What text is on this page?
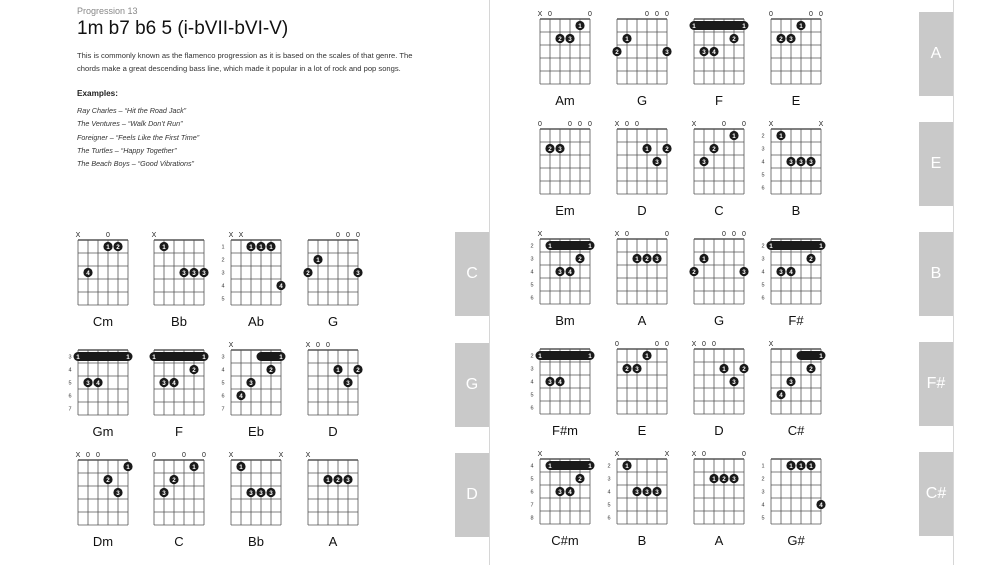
Progression 13
1m b7 b6 5 (i-bVII-bVI-V)

This is commonly known as the flamenco progression as it is based on the scales of that genre. The chords make a great descending bass line, which made it popular in a lot of rock and pop songs.

Examples:
Ray Charles – “Hit the Road Jack”
The Ventures – “Walk Don’t Run”
Foreigner – “Feels Like the First Time”
The Turtles – “Happy Together”
The Beach Boys – “Good Vibrations”
C
G
D
A
E
B
F#
C#
X	0
1 2
4
Cm
X
1
3 3 3
Bb
X X
1
2
3
4
5
1 1 1
4
Ab
0 0 0
1
2	3
G
3
4
5
6
7
1	1
3 4
Gm
1	1
2
3 4
F
X
3
4
5
6
7
1
2
3
4
Eb
X 0 0
1	2
3
D
X 0 0
1
2
3
Dm
0	0 0
1
2
3
C
X	X
1
3 3 3
Bb
X
1 2 3
A
X 0	0
1
2 3
Am
0 0 0
1
2	3
G
1	1
2
3 4
F
0	0 0
1
2 3
E
0	0 0 0
2 3
Em
X 0 0
1	2
3
D
X	0 0
1
2
3
C
X	X
2
3
4
5
6
1
3 3 3
B
X
2
3
4
5
6
1	1
2
3 4
Bm
X 0	0
1 2 3
A
0 0 0
1
2	3
G
2
3
4
5
6
1	1
2
3 4
F#
2
3
4
5
6
1	1
3 4
F#m
0	0 0
1
2 3
E
X 0 0
1	2
3
D
X
1
2
3
4
C#
X
4
5
6
7
8
1	1
2
3 4
C#m
X	X
2
3
4
5
6
1
3 3 3
B
X 0	0
1 2 3
A
1
2
3
4
5
1 1 1
4
G#
